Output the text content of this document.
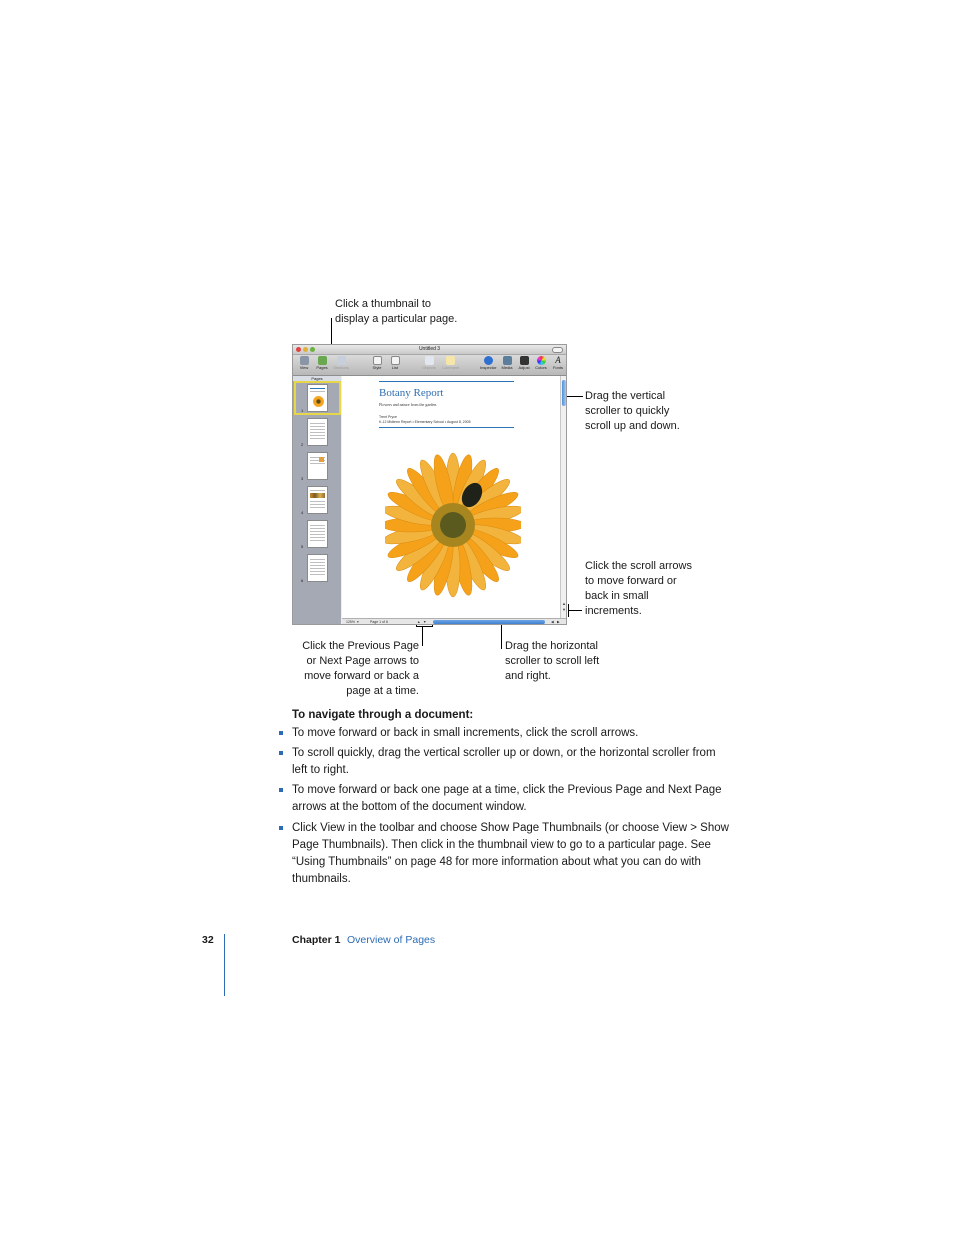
Click a thumbnail to
display a particular page.
Drag the vertical
scroller to quickly
scroll up and down.
Click the scroll arrows
to move forward or
back in small
increments.
Click the Previous Page
or Next Page arrows to
move forward or back a
page at a time.
Drag the horizontal
scroller to scroll left
and right.
Untitled 3
View	Pages	Sections	Style	List	Objects	Comment	Inspector	Media	Adjust	Colors
A
Fonts
Pages
1
2
3
4
5
6
Botany Report
Flowers and nature from the garden.
Trent Pryce
K-12 Midterm Report • Elementary School • August 8, 2005
▲
▼
125% ▾	Page 1 of 6	▲ ▼	◀ ▶
To navigate through a document:
To move forward or back in small increments, click the scroll arrows.
To scroll quickly, drag the vertical scroller up or down, or the horizontal scroller from
left to right.
To move forward or back one page at a time, click the Previous Page and Next Page
arrows at the bottom of the document window.
Click View in the toolbar and choose Show Page Thumbnails (or choose View > Show
Page Thumbnails). Then click in the thumbnail view to go to a particular page. See
“Using Thumbnails” on page 48 for more information about what you can do with
thumbnails.
32	Chapter 1 Overview of Pages
